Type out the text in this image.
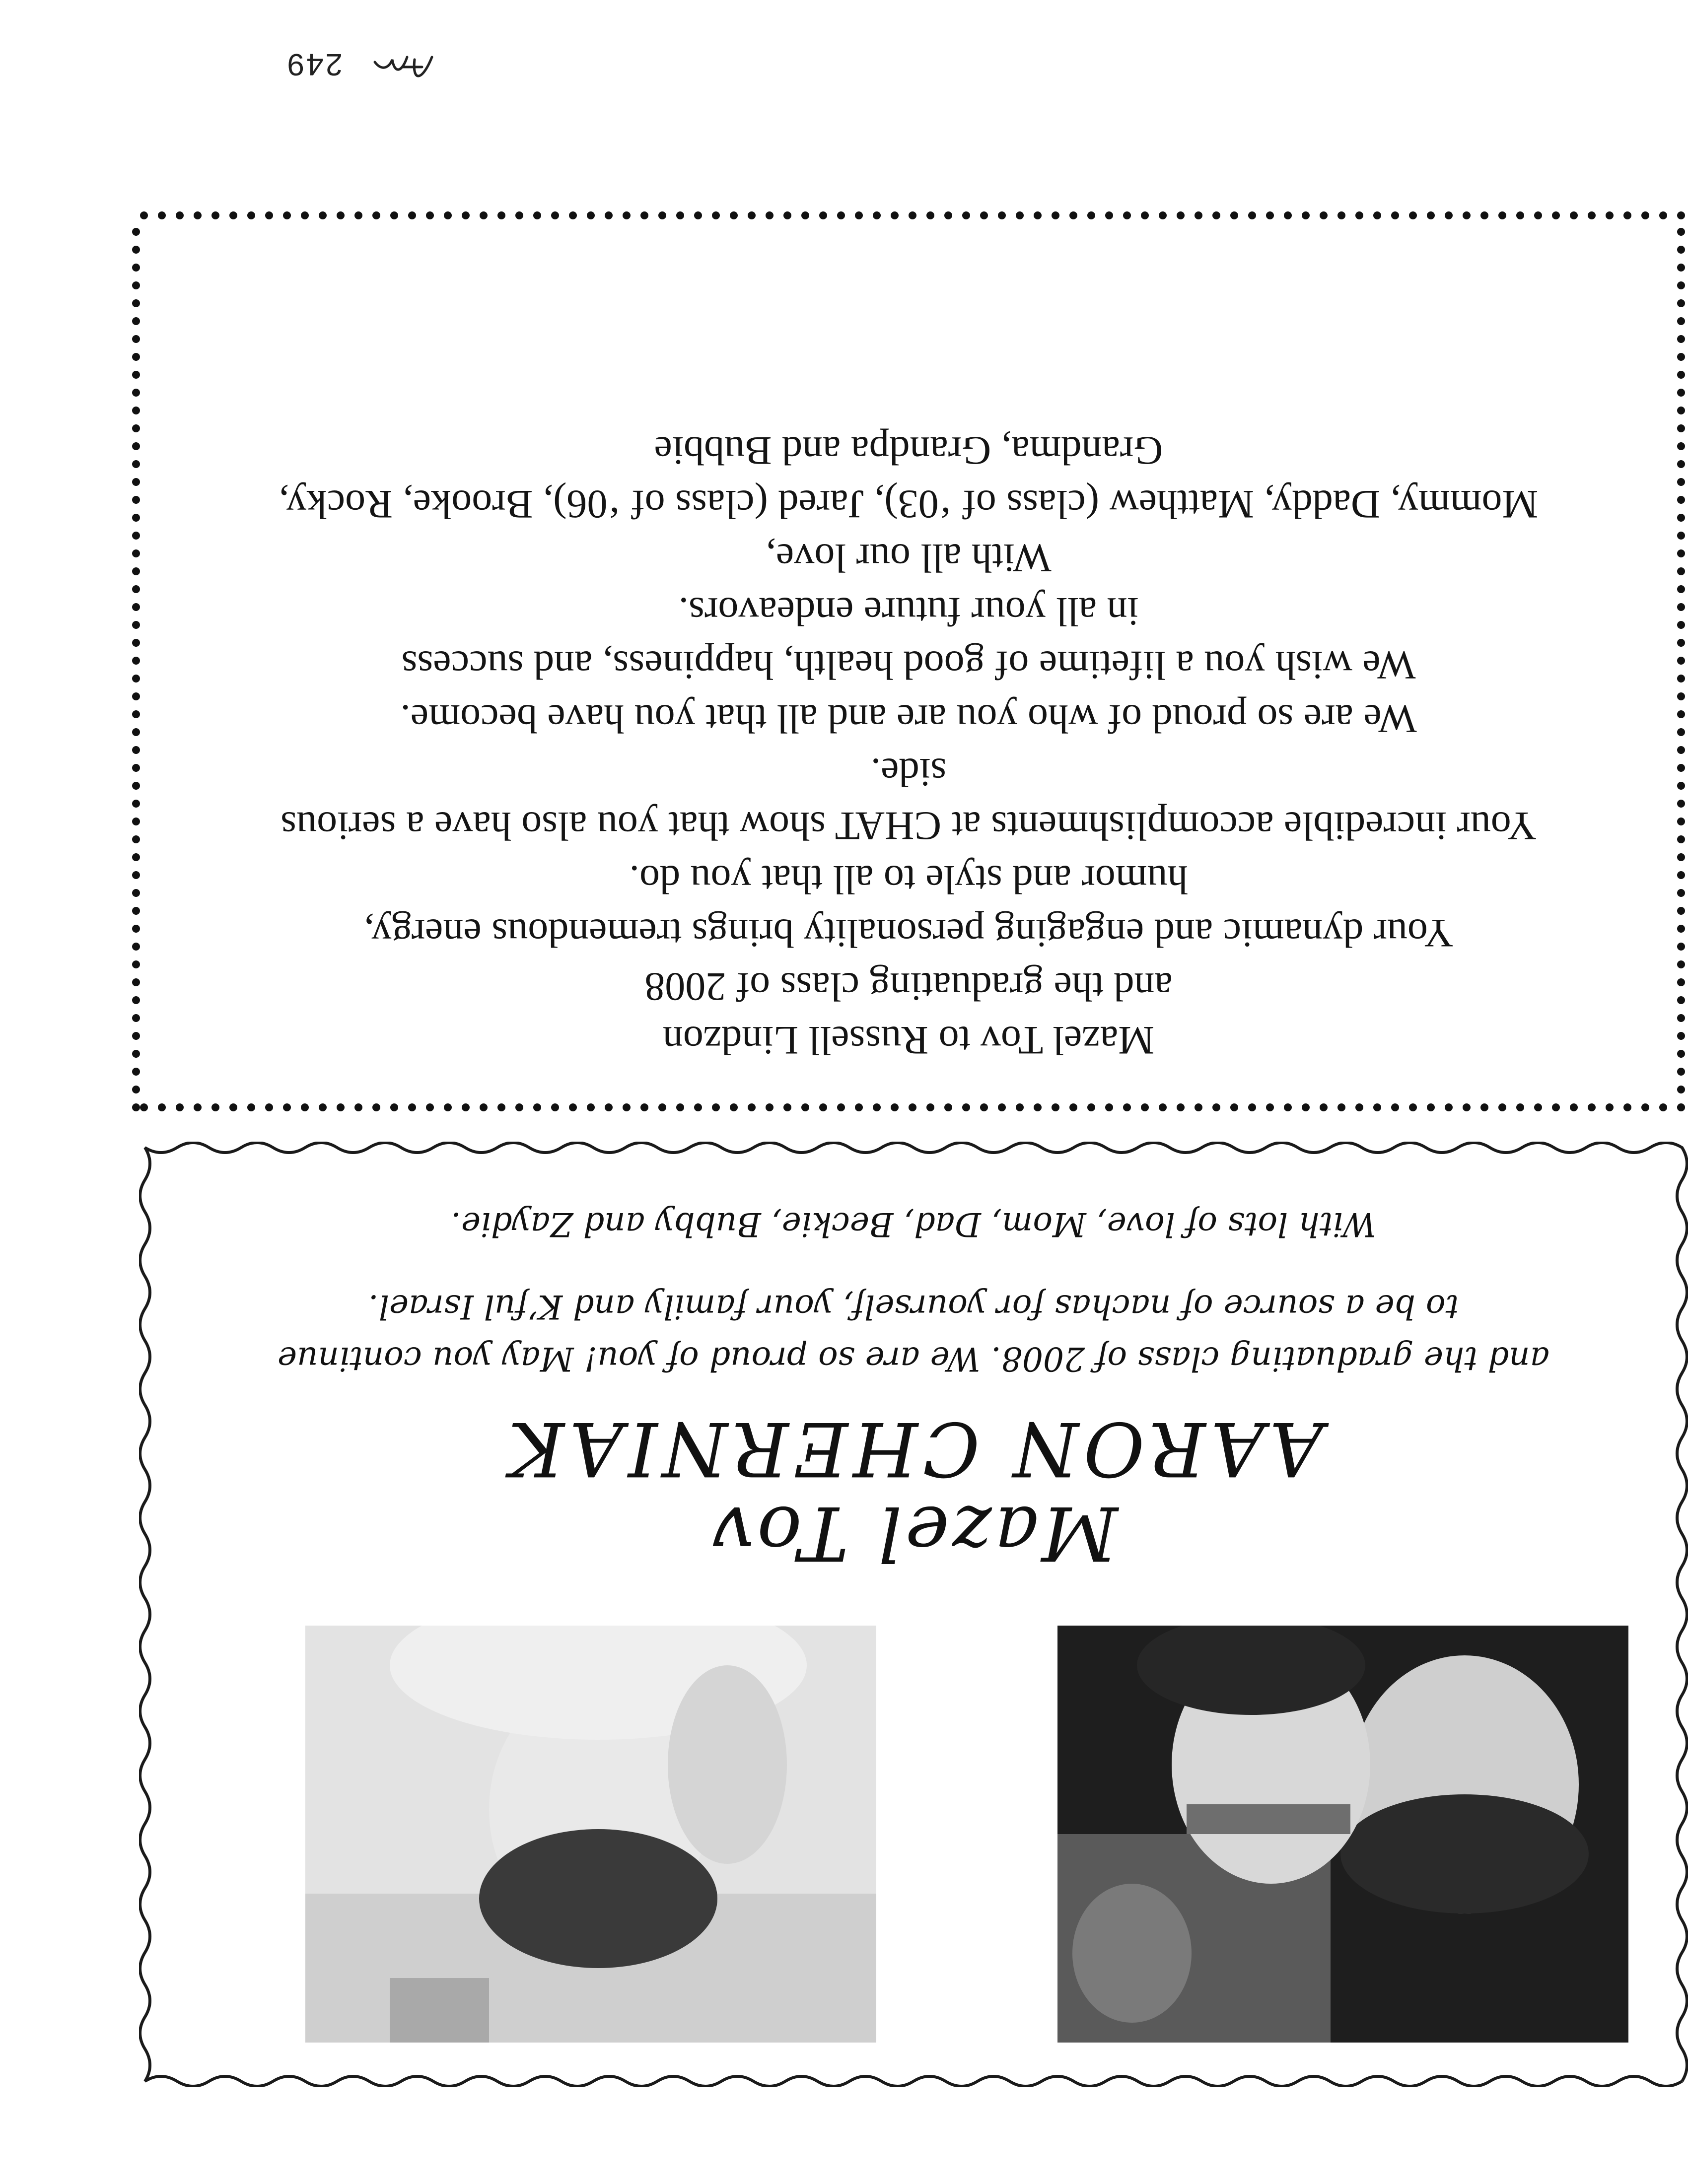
Mazel Tov to Russell Lindzon
and the graduating class of 2008
Your dynamic and engaging personality brings tremendous energy,
humor and style to all that you do.
Your incredible accomplishments at CHAT show that you also have a serious
side.
We are so proud of who you are and all that you have become.
We wish you a lifetime of good health, happiness, and success
in all your future endeavors.
With all our love,
Mommy, Daddy, Matthew (class of ‘03), Jared (class of ‘06), Brooke, Rocky,
Grandma, Grandpa and Bubbie
Mazel Tov
AARON CHERNIAK
and the graduating class of 2008. We are so proud of you! May you continue
to be a source of nachas for yourself, your family and K’ful Israel.
With lots of love, Mom, Dad, Beckie, Bubby and Zaydie.
249
